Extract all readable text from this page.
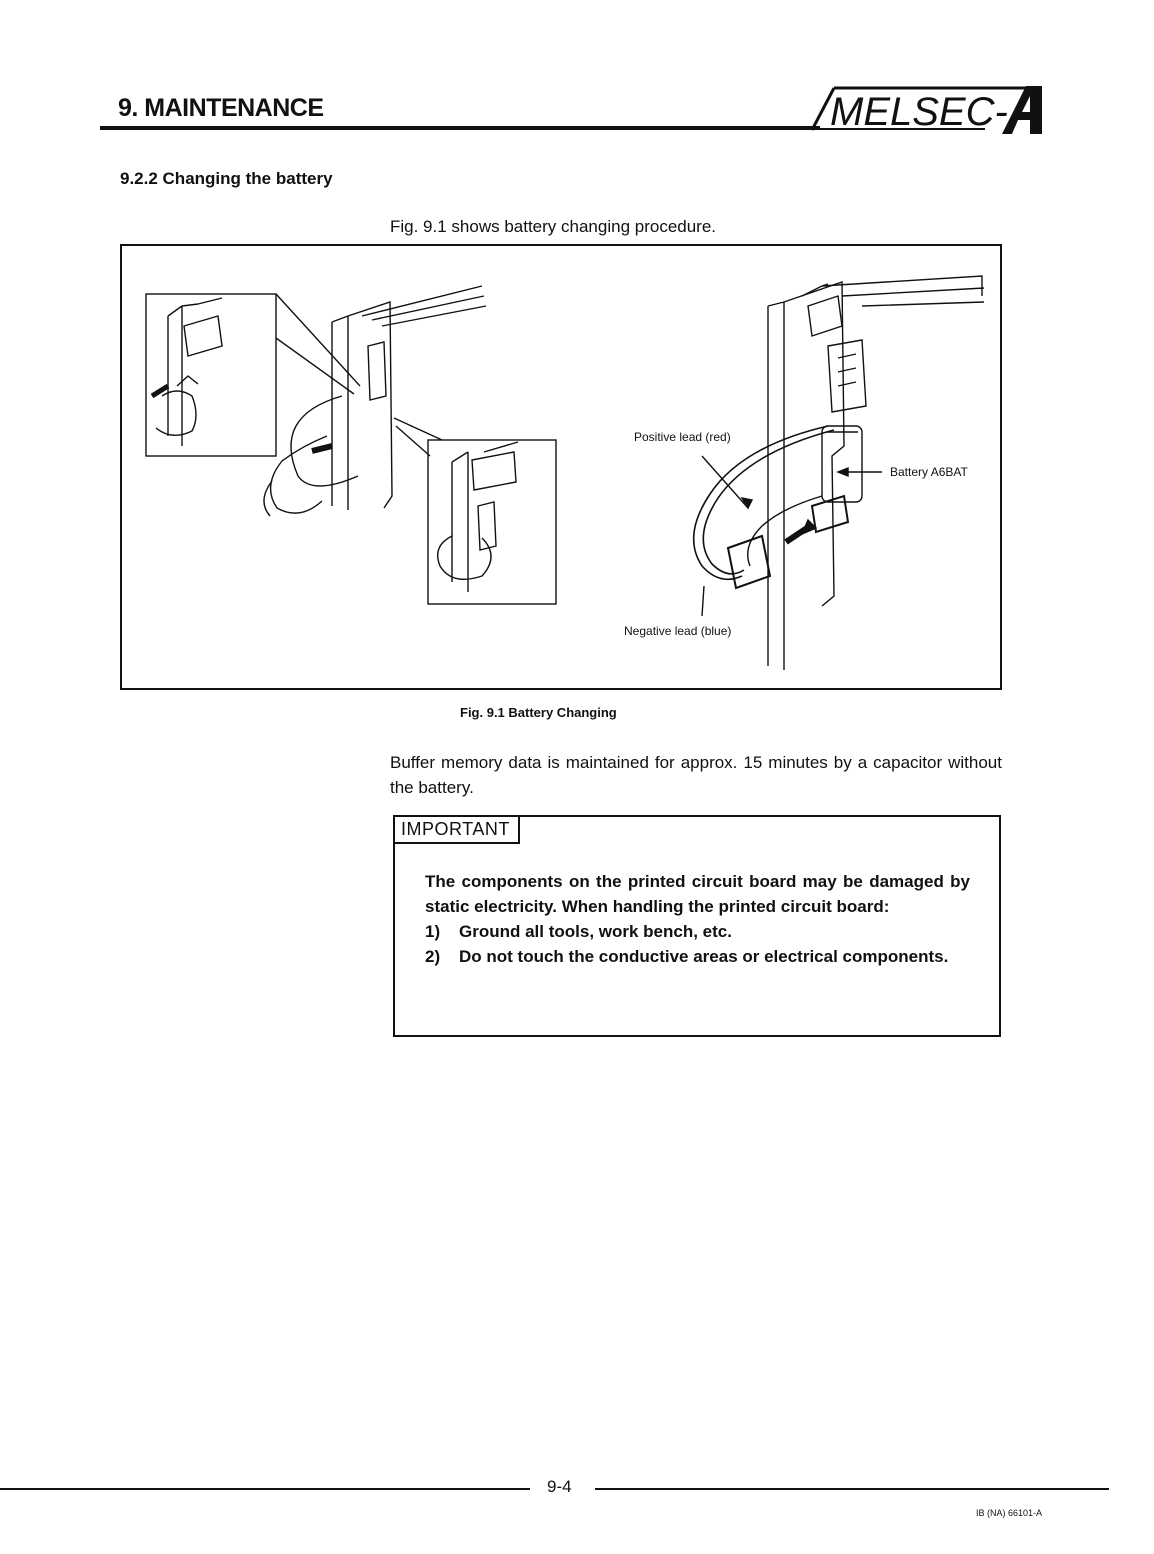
9. MAINTENANCE	MELSEC-
9.2.2 Changing the battery
Fig. 9.1 shows battery changing procedure.
Positive lead (red)
Negative lead (blue)
Battery A6BAT
Fig. 9.1 Battery Changing
Buffer memory data is maintained for approx. 15 minutes by a capacitor without the battery.
IMPORTANT

The components on the printed circuit board may be damaged by static electricity. When handling the printed circuit board:

1)	Ground all tools, work bench, etc.
2)	Do not touch the conductive areas or electrical components.
9-4
IB (NA) 66101-A
